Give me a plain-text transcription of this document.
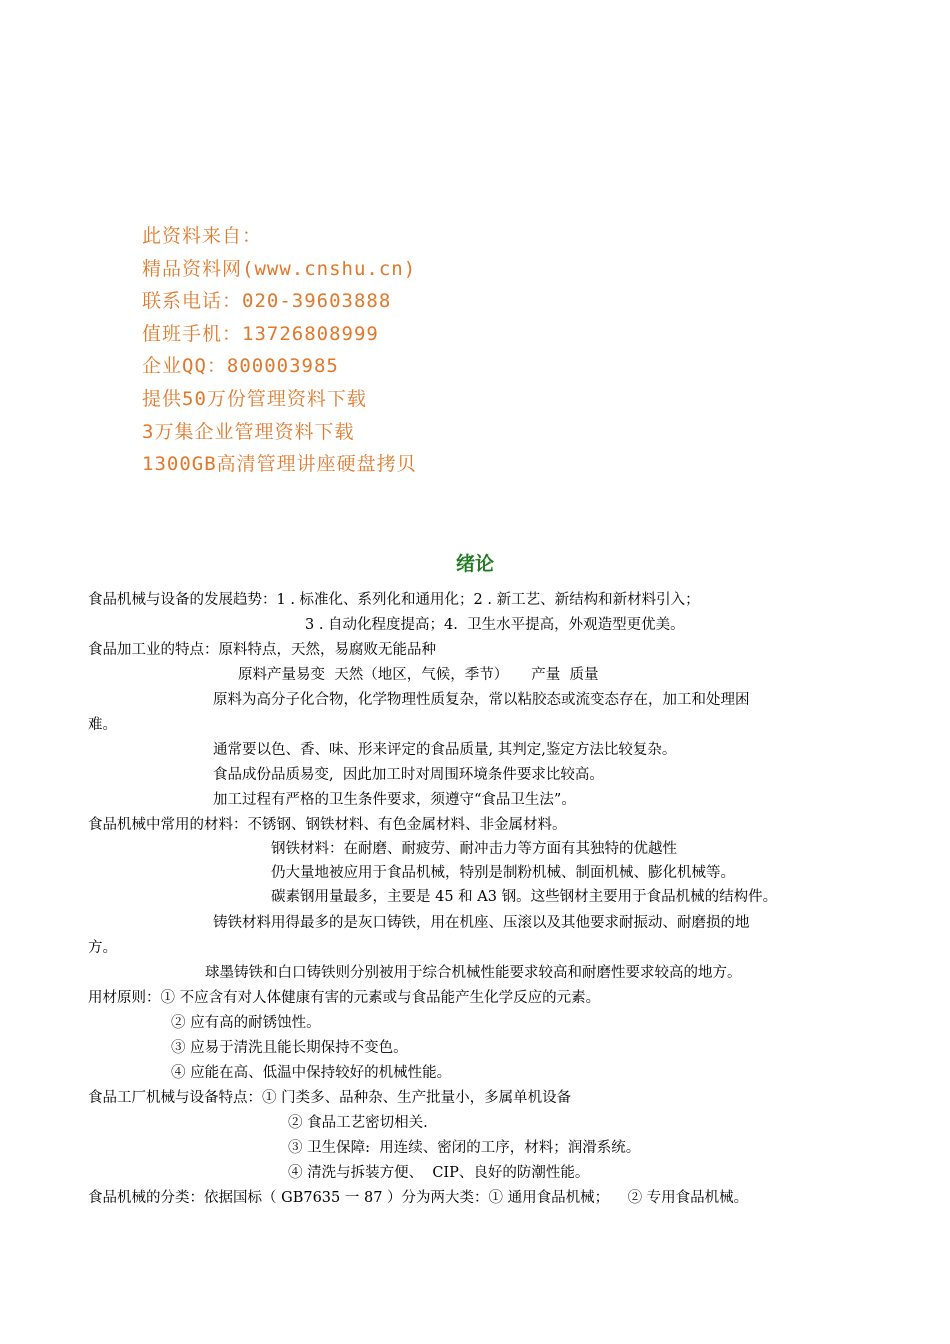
此资料来自：
精品资料网(www.cnshu.cn)
联系电话：020-39603888
值班手机：13726808999
企业QQ：800003985
提供50万份管理资料下载
3万集企业管理资料下载
1300GB高清管理讲座硬盘拷贝
绪论
食品机械与设备的发展趋势：1 . 标准化、系列化和通用化；2 . 新工艺、新结构和新材料引入；
3 . 自动化程度提高；4.  卫生水平提高，外观造型更优美。
食品加工业的特点：原料特点，天然，易腐败无能品种
原料产量易变  天然（地区，气候，季节）     产量  质量
原料为高分子化合物，化学物理性质复杂，常以粘胶态或流变态存在，加工和处理困
难。
通常要以色、香、味、形来评定的食品质量, 其判定,鉴定方法比较复杂。
食品成份品质易变,  因此加工时对周围环境条件要求比较高。
加工过程有严格的卫生条件要求，须遵守“食品卫生法”。
食品机械中常用的材料：不锈钢、钢铁材料、有色金属材料、非金属材料。
钢铁材料：在耐磨、耐疲劳、耐冲击力等方面有其独特的优越性
仍大量地被应用于食品机械，特别是制粉机械、制面机械、膨化机械等。
碳素钢用量最多，主要是 45 和 A3 钢。这些钢材主要用于食品机械的结构件。
铸铁材料用得最多的是灰口铸铁，用在机座、压滚以及其他要求耐振动、耐磨损的地
方。
球墨铸铁和白口铸铁则分别被用于综合机械性能要求较高和耐磨性要求较高的地方。
用材原则：① 不应含有对人体健康有害的元素或与食品能产生化学反应的元素。
② 应有高的耐锈蚀性。
③ 应易于清洗且能长期保持不变色。
④ 应能在高、低温中保持较好的机械性能。
食品工厂机械与设备特点：① 门类多、品种杂、生产批量小，多属单机设备
② 食品工艺密切相关.
③ 卫生保障:  用连续、密闭的工序，材料；润滑系统。
④ 清洗与拆装方便、  CIP、良好的防潮性能。
食品机械的分类：依据国标（ GB7635 一 87 ）分为两大类：① 通用食品机械；    ② 专用食品机械。
